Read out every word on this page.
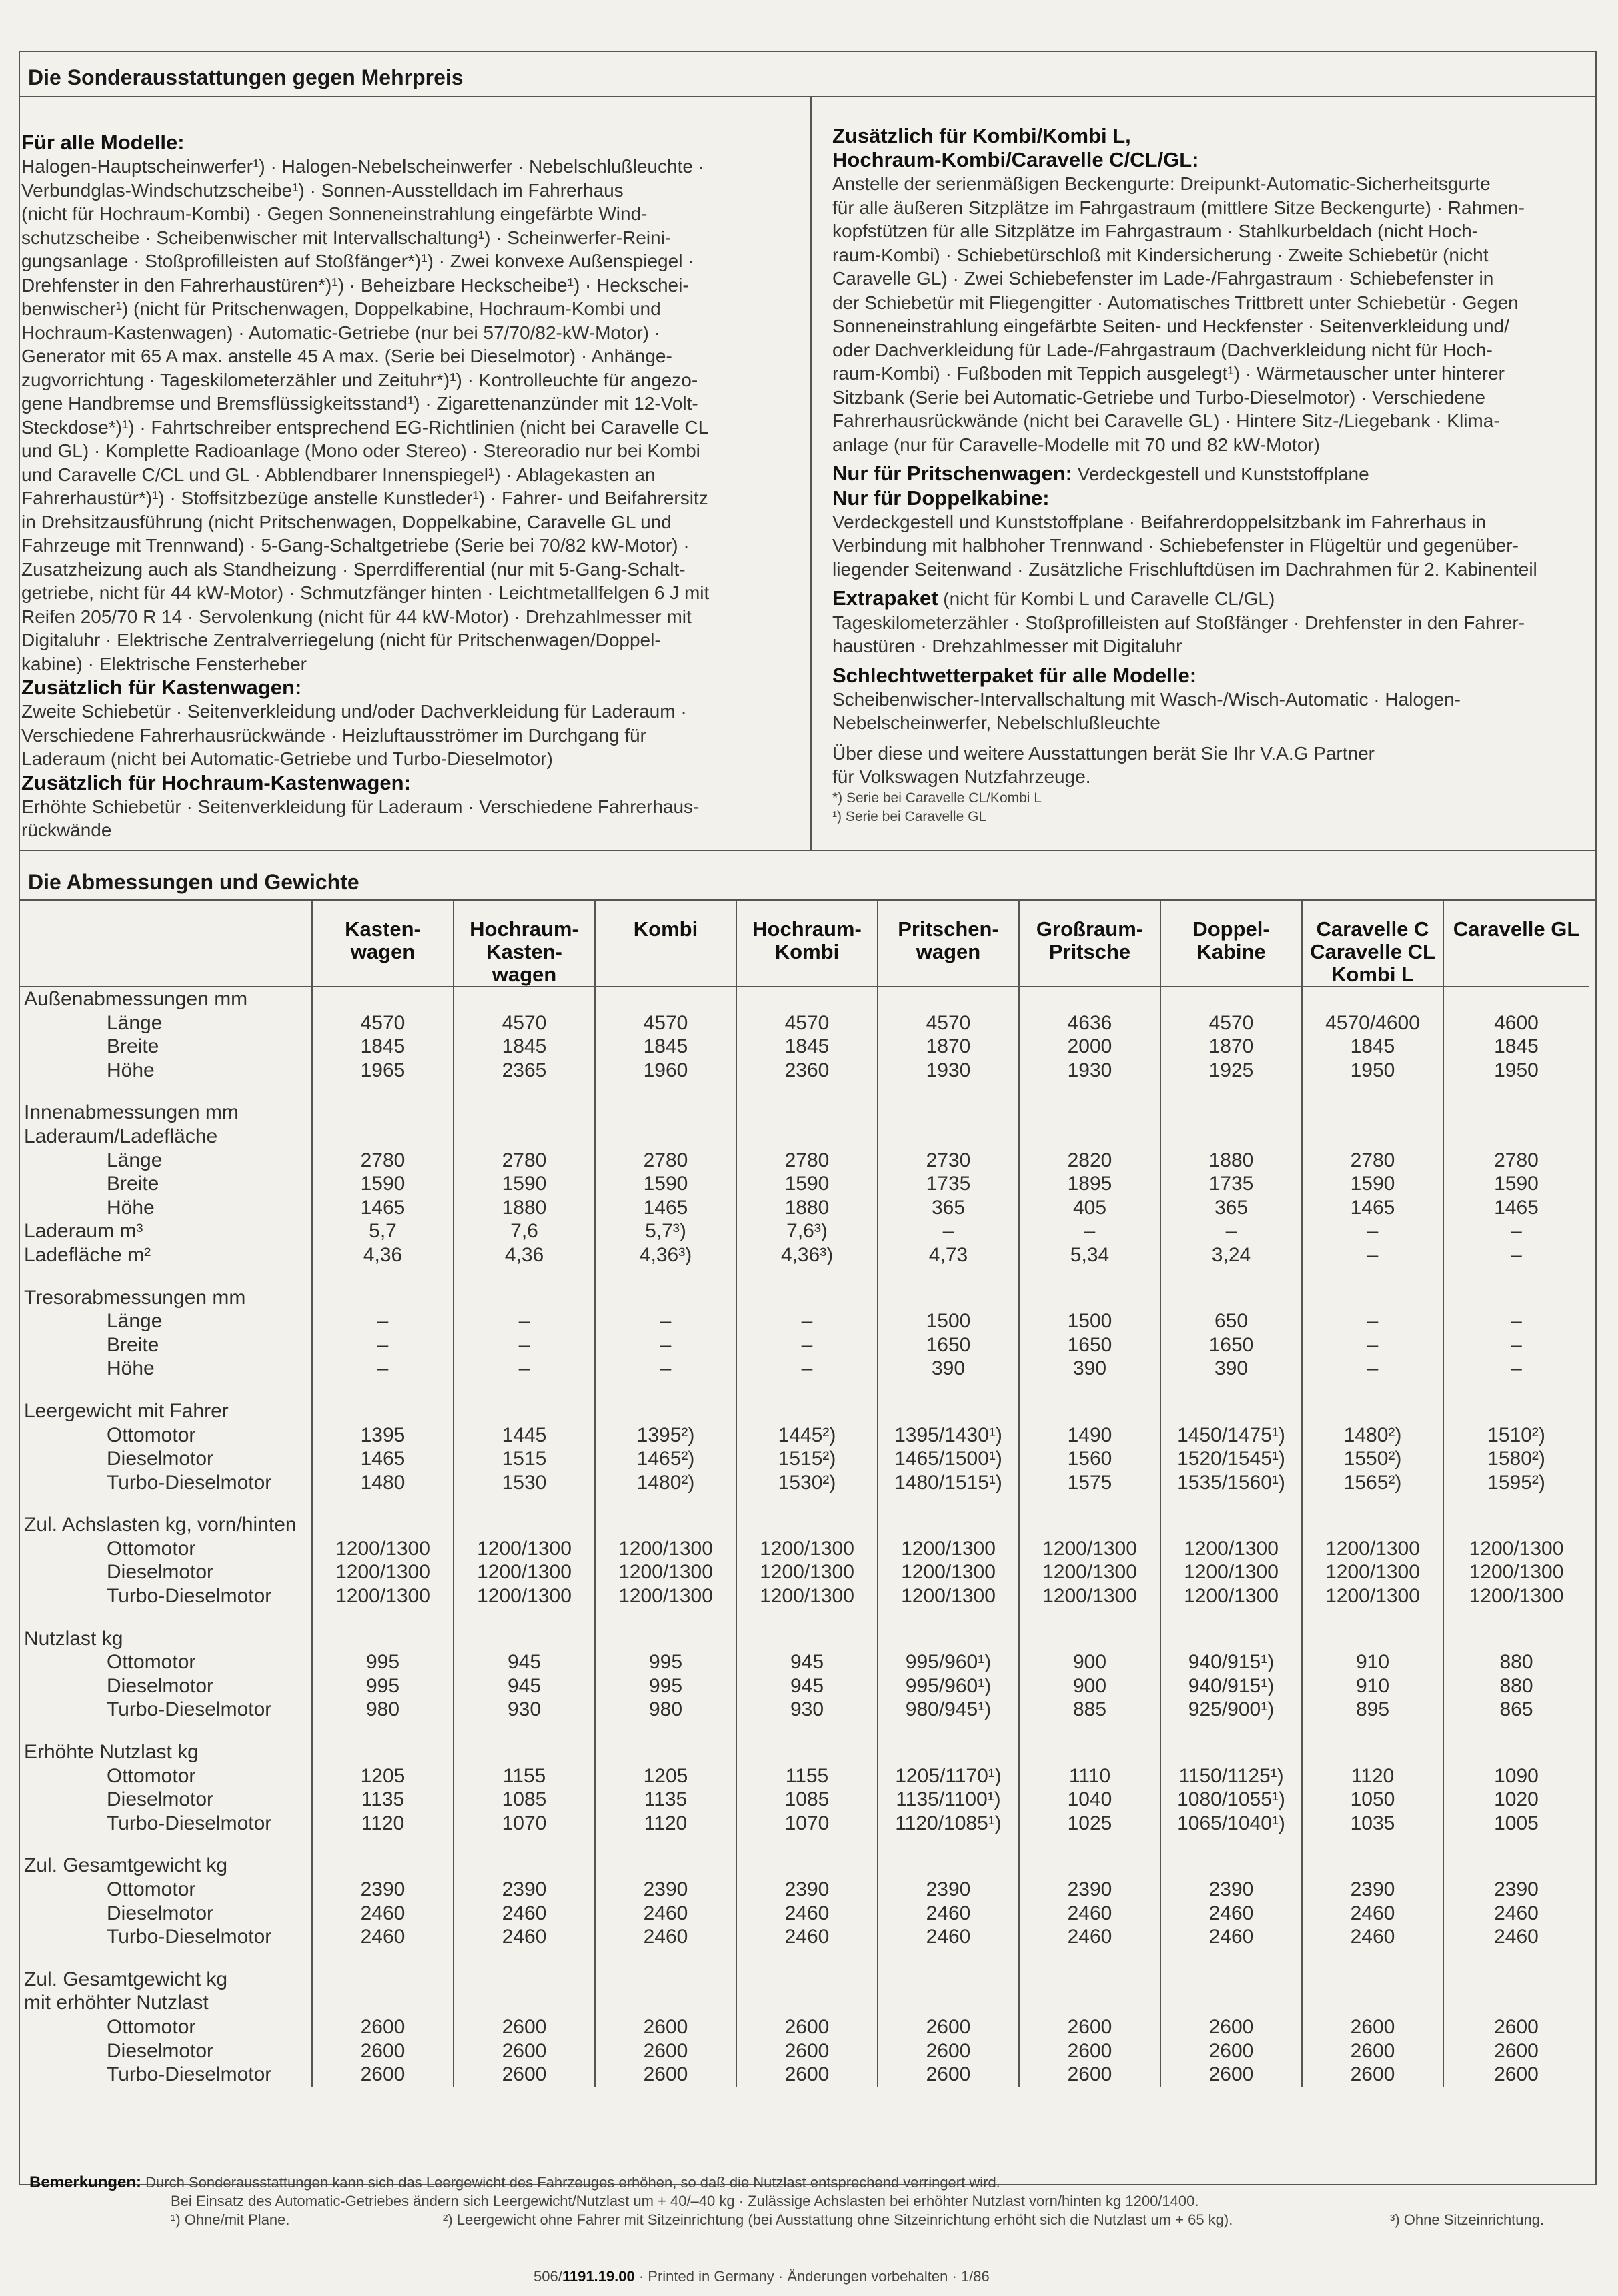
Die Sonderausstattungen gegen Mehrpreis

Für alle Modelle:

Halogen-Hauptscheinwerfer¹) · Halogen-Nebelscheinwerfer · Nebelschlußleuchte ·

Verbundglas-Windschutzscheibe¹) · Sonnen-Ausstelldach im Fahrerhaus

(nicht für Hochraum-Kombi) · Gegen Sonneneinstrahlung eingefärbte Wind-

schutzscheibe · Scheibenwischer mit Intervallschaltung¹) · Scheinwerfer-Reini-

gungsanlage · Stoßprofilleisten auf Stoßfänger*)¹) · Zwei konvexe Außenspiegel ·

Drehfenster in den Fahrerhaustüren*)¹) · Beheizbare Heckscheibe¹) · Heckschei-

benwischer¹) (nicht für Pritschenwagen, Doppelkabine, Hochraum-Kombi und

Hochraum-Kastenwagen) · Automatic-Getriebe (nur bei 57/70/82-kW-Motor) ·

Generator mit 65 A max. anstelle 45 A max. (Serie bei Dieselmotor) · Anhänge-

zugvorrichtung · Tageskilometerzähler und Zeituhr*)¹) · Kontrolleuchte für angezo-

gene Handbremse und Bremsflüssigkeitsstand¹) · Zigarettenanzünder mit 12-Volt-

Steckdose*)¹) · Fahrtschreiber entsprechend EG-Richtlinien (nicht bei Caravelle CL

und GL) · Komplette Radioanlage (Mono oder Stereo) · Stereoradio nur bei Kombi

und Caravelle C/CL und GL · Abblendbarer Innenspiegel¹) · Ablagekasten an

Fahrerhaustür*)¹) · Stoffsitzbezüge anstelle Kunstleder¹) · Fahrer- und Beifahrersitz

in Drehsitzausführung (nicht Pritschenwagen, Doppelkabine, Caravelle GL und

Fahrzeuge mit Trennwand) · 5-Gang-Schaltgetriebe (Serie bei 70/82 kW-Motor) ·

Zusatzheizung auch als Standheizung · Sperrdifferential (nur mit 5-Gang-Schalt-

getriebe, nicht für 44 kW-Motor) · Schmutzfänger hinten · Leichtmetallfelgen 6 J mit

Reifen 205/70 R 14 · Servolenkung (nicht für 44 kW-Motor) · Drehzahlmesser mit

Digitaluhr · Elektrische Zentralverriegelung (nicht für Pritschenwagen/Doppel-

kabine) · Elektrische Fensterheber

Zusätzlich für Kastenwagen:

Zweite Schiebetür · Seitenverkleidung und/oder Dachverkleidung für Laderaum ·

Verschiedene Fahrerhausrückwände · Heizluftausströmer im Durchgang für

Laderaum (nicht bei Automatic-Getriebe und Turbo-Dieselmotor)

Zusätzlich für Hochraum-Kastenwagen:

Erhöhte Schiebetür · Seitenverkleidung für Laderaum · Verschiedene Fahrerhaus-

rückwände

Zusätzlich für Kombi/Kombi L,

Hochraum-Kombi/Caravelle C/CL/GL:

Anstelle der serienmäßigen Beckengurte: Dreipunkt-Automatic-Sicherheitsgurte

für alle äußeren Sitzplätze im Fahrgastraum (mittlere Sitze Beckengurte) · Rahmen-

kopfstützen für alle Sitzplätze im Fahrgastraum · Stahlkurbeldach (nicht Hoch-

raum-Kombi) · Schiebetürschloß mit Kindersicherung · Zweite Schiebetür (nicht

Caravelle GL) · Zwei Schiebefenster im Lade-/Fahrgastraum · Schiebefenster in

der Schiebetür mit Fliegengitter · Automatisches Trittbrett unter Schiebetür · Gegen

Sonneneinstrahlung eingefärbte Seiten- und Heckfenster · Seitenverkleidung und/

oder Dachverkleidung für Lade-/Fahrgastraum (Dachverkleidung nicht für Hoch-

raum-Kombi) · Fußboden mit Teppich ausgelegt¹) · Wärmetauscher unter hinterer

Sitzbank (Serie bei Automatic-Getriebe und Turbo-Dieselmotor) · Verschiedene

Fahrerhausrückwände (nicht bei Caravelle GL) · Hintere Sitz-/Liegebank · Klima-

anlage (nur für Caravelle-Modelle mit 70 und 82 kW-Motor)

Nur für Pritschenwagen: Verdeckgestell und Kunststoffplane

Nur für Doppelkabine:

Verdeckgestell und Kunststoffplane · Beifahrerdoppelsitzbank im Fahrerhaus in

Verbindung mit halbhoher Trennwand · Schiebefenster in Flügeltür und gegenüber-

liegender Seitenwand · Zusätzliche Frischluftdüsen im Dachrahmen für 2. Kabinenteil

Extrapaket (nicht für Kombi L und Caravelle CL/GL)

Tageskilometerzähler · Stoßprofilleisten auf Stoßfänger · Drehfenster in den Fahrer-

haustüren · Drehzahlmesser mit Digitaluhr

Schlechtwetterpaket für alle Modelle:

Scheibenwischer-Intervallschaltung mit Wasch-/Wisch-Automatic · Halogen-

Nebelscheinwerfer, Nebelschlußleuchte

Über diese und weitere Ausstattungen berät Sie Ihr V.A.G Partner

für Volkswagen Nutzfahrzeuge.

*) Serie bei Caravelle CL/Kombi L

¹) Serie bei Caravelle GL

Die Abmessungen und Gewichte
	Kasten-
wagen	Hochraum-
Kasten-
wagen	Kombi	Hochraum-
Kombi	Pritschen-
wagen	Großraum-
Pritsche	Doppel-
Kabine	Caravelle C
Caravelle CL
Kombi L	Caravelle GL
Außenabmessungen mm									
Länge	4570	4570	4570	4570	4570	4636	4570	4570/4600	4600
Breite	1845	1845	1845	1845	1870	2000	1870	1845	1845
Höhe	1965	2365	1960	2360	1930	1930	1925	1950	1950

Innenabmessungen mm									
Laderaum/Ladefläche									
Länge	2780	2780	2780	2780	2730	2820	1880	2780	2780
Breite	1590	1590	1590	1590	1735	1895	1735	1590	1590
Höhe	1465	1880	1465	1880	365	405	365	1465	1465
Laderaum m³	5,7	7,6	5,7³)	7,6³)	–	–	–	–	–
Ladefläche m²	4,36	4,36	4,36³)	4,36³)	4,73	5,34	3,24	–	–

Tresorabmessungen mm									
Länge	–	–	–	–	1500	1500	650	–	–
Breite	–	–	–	–	1650	1650	1650	–	–
Höhe	–	–	–	–	390	390	390	–	–

Leergewicht mit Fahrer									
Ottomotor	1395	1445	1395²)	1445²)	1395/1430¹)	1490	1450/1475¹)	1480²)	1510²)
Dieselmotor	1465	1515	1465²)	1515²)	1465/1500¹)	1560	1520/1545¹)	1550²)	1580²)
Turbo-Dieselmotor	1480	1530	1480²)	1530²)	1480/1515¹)	1575	1535/1560¹)	1565²)	1595²)

Zul. Achslasten kg, vorn/hinten									
Ottomotor	1200/1300	1200/1300	1200/1300	1200/1300	1200/1300	1200/1300	1200/1300	1200/1300	1200/1300
Dieselmotor	1200/1300	1200/1300	1200/1300	1200/1300	1200/1300	1200/1300	1200/1300	1200/1300	1200/1300
Turbo-Dieselmotor	1200/1300	1200/1300	1200/1300	1200/1300	1200/1300	1200/1300	1200/1300	1200/1300	1200/1300

Nutzlast kg									
Ottomotor	995	945	995	945	995/960¹)	900	940/915¹)	910	880
Dieselmotor	995	945	995	945	995/960¹)	900	940/915¹)	910	880
Turbo-Dieselmotor	980	930	980	930	980/945¹)	885	925/900¹)	895	865

Erhöhte Nutzlast kg									
Ottomotor	1205	1155	1205	1155	1205/1170¹)	1110	1150/1125¹)	1120	1090
Dieselmotor	1135	1085	1135	1085	1135/1100¹)	1040	1080/1055¹)	1050	1020
Turbo-Dieselmotor	1120	1070	1120	1070	1120/1085¹)	1025	1065/1040¹)	1035	1005

Zul. Gesamtgewicht kg									
Ottomotor	2390	2390	2390	2390	2390	2390	2390	2390	2390
Dieselmotor	2460	2460	2460	2460	2460	2460	2460	2460	2460
Turbo-Dieselmotor	2460	2460	2460	2460	2460	2460	2460	2460	2460

Zul. Gesamtgewicht kg									
mit erhöhter Nutzlast									
Ottomotor	2600	2600	2600	2600	2600	2600	2600	2600	2600
Dieselmotor	2600	2600	2600	2600	2600	2600	2600	2600	2600
Turbo-Dieselmotor	2600	2600	2600	2600	2600	2600	2600	2600	2600
Bemerkungen: Durch Sonderausstattungen kann sich das Leergewicht des Fahrzeuges erhöhen, so daß die Nutzlast entsprechend verringert wird.
Bei Einsatz des Automatic-Getriebes ändern sich Leergewicht/Nutzlast um + 40/–40 kg · Zulässige Achslasten bei erhöhter Nutzlast vorn/hinten kg 1200/1400.
¹) Ohne/mit Plane.	²) Leergewicht ohne Fahrer mit Sitzeinrichtung (bei Ausstattung ohne Sitzeinrichtung erhöht sich die Nutzlast um + 65 kg).	³) Ohne Sitzeinrichtung.
506/1191.19.00 · Printed in Germany · Änderungen vorbehalten · 1/86
